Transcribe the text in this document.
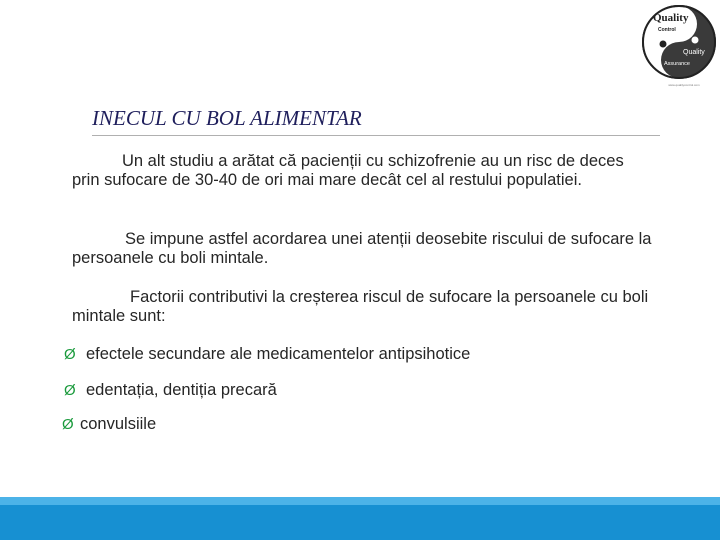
Quality
Control
Quality
Assurance
www.qualitycontrol.com
INECUL CU BOL ALIMENTAR
Un alt studiu a arătat că pacienții cu schizofrenie au un risc de deces prin sufocare de 30-40 de ori mai mare decât cel al restului populatiei.
Se impune astfel acordarea unei atenții deosebite riscului de sufocare la persoanele cu boli mintale.
Factorii contributivi la creșterea riscul de sufocare la persoanele cu boli mintale sunt:
Ø efectele secundare ale medicamentelor antipsihotice
Ø edentația, dentiția precară
Ø convulsiile
